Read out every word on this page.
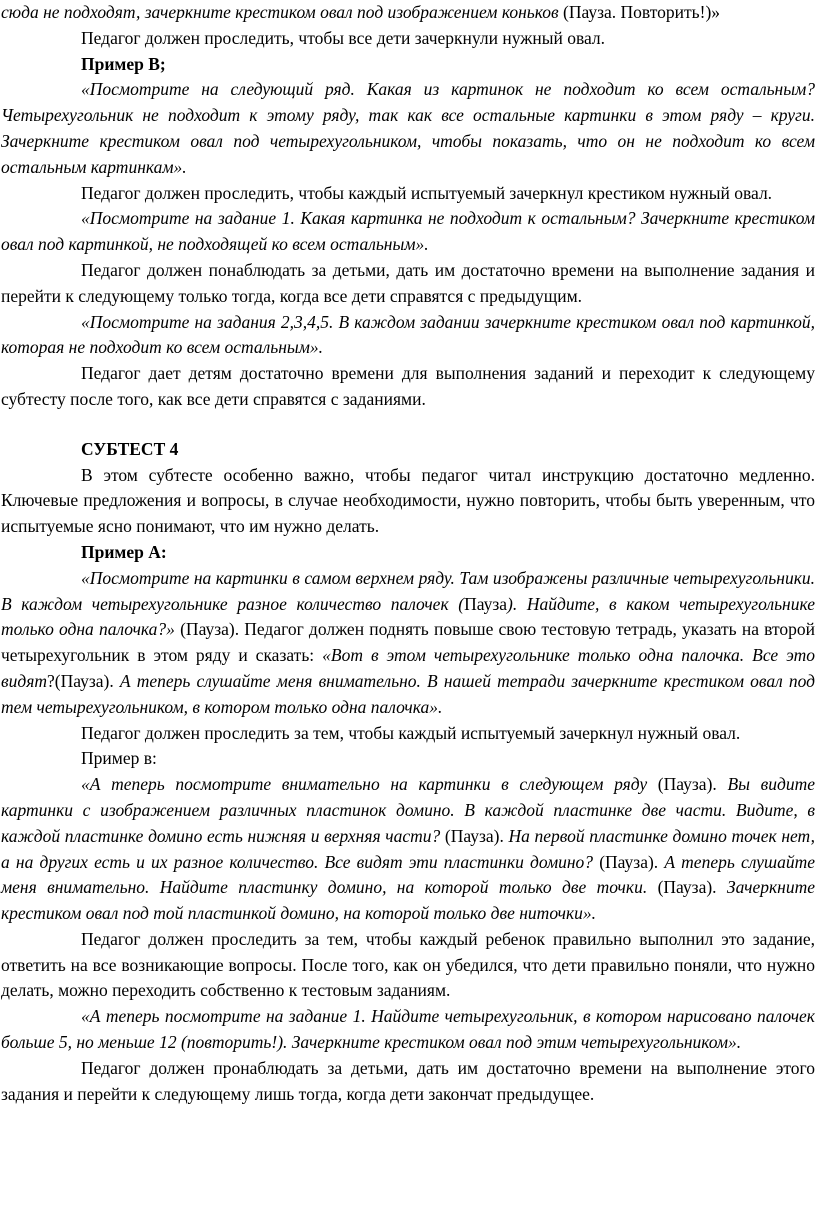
сюда не подходят, зачеркните крестиком овал под изображением коньков (Пауза. Повторить!)»

Педагог должен проследить, чтобы все дети зачеркнули нужный овал.

Пример В;

«Посмотрите на следующий ряд. Какая из картинок не подходит ко всем остальным? Четырехугольник не подходит к этому ряду, так как все остальные картинки в этом ряду – круги. Зачеркните крестиком овал под четырехугольником, чтобы показать, что он не подходит ко всем остальным картинкам».

Педагог должен проследить, чтобы каждый испытуемый зачеркнул крестиком нужный овал.

«Посмотрите на задание 1. Какая картинка не подходит к остальным? Зачеркните крестиком овал под картинкой, не подходящей ко всем остальным».

Педагог должен понаблюдать за детьми, дать им достаточно времени на выполнение задания и перейти к следующему только тогда, когда все дети справятся с предыдущим.

«Посмотрите на задания 2,3,4,5. В каждом задании зачеркните крестиком овал под картинкой, которая не подходит ко всем остальным».

Педагог дает детям достаточно времени для выполнения заданий и переходит к следующему субтесту после того, как все дети справятся с заданиями.

СУБТЕСТ 4

В этом субтесте особенно важно, чтобы педагог читал инструкцию достаточно медленно. Ключевые предложения и вопросы, в случае необходимости, нужно повторить, чтобы быть уверенным, что испытуемые ясно понимают, что им нужно делать.

Пример А:

«Посмотрите на картинки в самом верхнем ряду. Там изображены различные четырехугольники. В каждом четырехугольнике разное количество палочек (Пауза). Найдите, в каком четырехугольнике только одна палочка?» (Пауза). Педагог должен поднять повыше свою тестовую тетрадь, указать на второй четырехугольник в этом ряду и сказать: «Вот в этом четырехугольнике только одна палочка. Все это видят?(Пауза). А теперь слушайте меня внимательно. В нашей тетради зачеркните крестиком овал под тем четырехугольником, в котором только одна палочка».

Педагог должен проследить за тем, чтобы каждый испытуемый зачеркнул нужный овал.

Пример в:

«А теперь посмотрите внимательно на картинки в следующем ряду (Пауза). Вы видите картинки с изображением различных пластинок домино. В каждой пластинке две части. Видите, в каждой пластинке домино есть нижняя и верхняя части? (Пауза). На первой пластинке домино точек нет, а на других есть и их разное количество. Все видят эти пластинки домино? (Пауза). А теперь слушайте меня внимательно. Найдите пластинку домино, на которой только две точки. (Пауза). Зачеркните крестиком овал под той пластинкой домино, на которой только две ниточки».

Педагог должен проследить за тем, чтобы каждый ребенок правильно выполнил это задание, ответить на все возникающие вопросы. После того, как он убедился, что дети правильно поняли, что нужно делать, можно переходить собственно к тестовым заданиям.

«А теперь посмотрите на задание 1. Найдите четырехугольник, в котором нарисовано палочек больше 5, но меньше 12 (повторить!). Зачеркните крестиком овал под этим четырехугольником».

Педагог должен пронаблюдать за детьми, дать им достаточно времени на выполнение этого задания и перейти к следующему лишь тогда, когда дети закончат предыдущее.
